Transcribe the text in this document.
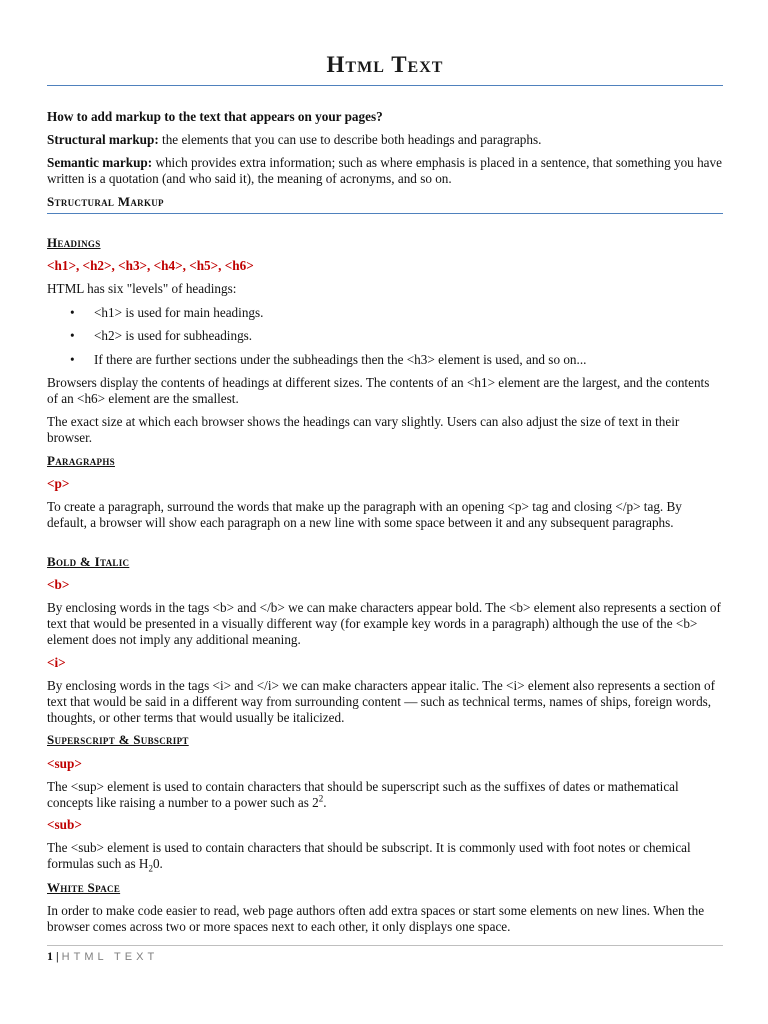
Html Text

How to add markup to the text that appears on your pages?

Structural markup: the elements that you can use to describe both headings and paragraphs.

Semantic markup: which provides extra information; such as where emphasis is placed in a sentence, that something you have written is a quotation (and who said it), the meaning of acronyms, and so on.

Structural Markup

Headings

<h1>, <h2>, <h3>, <h4>, <h5>, <h6>

HTML has six "levels" of headings:

• <h1> is used for main headings.

• <h2> is used for subheadings.

• If there are further sections under the subheadings then the <h3> element is used, and so on...

Browsers display the contents of headings at different sizes. The contents of an <h1> element are the largest, and the contents of an <h6> element are the smallest.

The exact size at which each browser shows the headings can vary slightly. Users can also adjust the size of text in their browser.

Paragraphs

<p>

To create a paragraph, surround the words that make up the paragraph with an opening <p> tag and closing </p> tag. By default, a browser will show each paragraph on a new line with some space between it and any subsequent paragraphs.

Bold & Italic

<b>

By enclosing words in the tags <b> and </b> we can make characters appear bold. The <b> element also represents a section of text that would be presented in a visually different way (for example key words in a paragraph) although the use of the <b> element does not imply any additional meaning.

<i>

By enclosing words in the tags <i> and </i> we can make characters appear italic. The <i> element also represents a section of text that would be said in a different way from surrounding content — such as technical terms, names of ships, foreign words, thoughts, or other terms that would usually be italicized.

Superscript & Subscript

<sup>

The <sup> element is used to contain characters that should be superscript such as the suffixes of dates or mathematical concepts like raising a number to a power such as $2^2$.

<sub>

The <sub> element is used to contain characters that should be subscript. It is commonly used with foot notes or chemical formulas such as $H_20$.

White Space

In order to make code easier to read, web page authors often add extra spaces or start some elements on new lines. When the browser comes across two or more spaces next to each other, it only displays one space.

1 | HTML TEXT
